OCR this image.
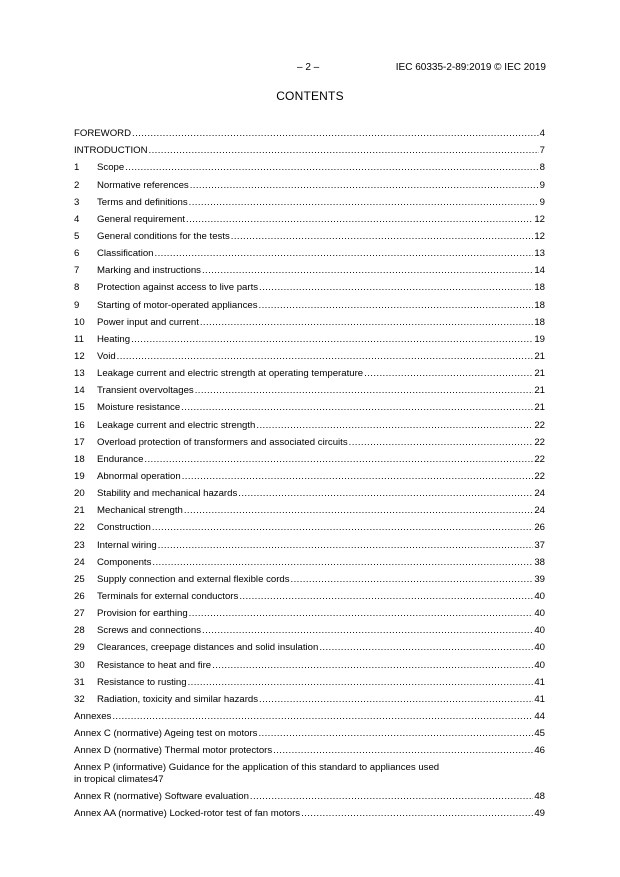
– 2 –	IEC 60335-2-89:2019 © IEC 2019
CONTENTS
FOREWORD .....	4
INTRODUCTION .....	7
1	Scope .....	8
2	Normative references .....	9
3	Terms and definitions .....	9
4	General requirement .....	12
5	General conditions for the tests .....	12
6	Classification .....	13
7	Marking and instructions .....	14
8	Protection against access to live parts .....	18
9	Starting of motor-operated appliances .....	18
10	Power input and current .....	18
11	Heating .....	19
12	Void .....	21
13	Leakage current and electric strength at operating temperature .....	21
14	Transient overvoltages .....	21
15	Moisture resistance .....	21
16	Leakage current and electric strength .....	22
17	Overload protection of transformers and associated circuits .....	22
18	Endurance .....	22
19	Abnormal operation .....	22
20	Stability and mechanical hazards .....	24
21	Mechanical strength .....	24
22	Construction .....	26
23	Internal wiring .....	37
24	Components .....	38
25	Supply connection and external flexible cords .....	39
26	Terminals for external conductors .....	40
27	Provision for earthing .....	40
28	Screws and connections .....	40
29	Clearances, creepage distances and solid insulation .....	40
30	Resistance to heat and fire .....	40
31	Resistance to rusting .....	41
32	Radiation, toxicity and similar hazards .....	41
Annexes .....	44
Annex C (normative) Ageing test on motors .....	45
Annex D (normative) Thermal motor protectors .....	46
Annex P (informative) Guidance for the application of this standard to appliances used
in tropical climates 47
Annex R (normative) Software evaluation .....	48
Annex AA (normative) Locked-rotor test of fan motors .....	49
